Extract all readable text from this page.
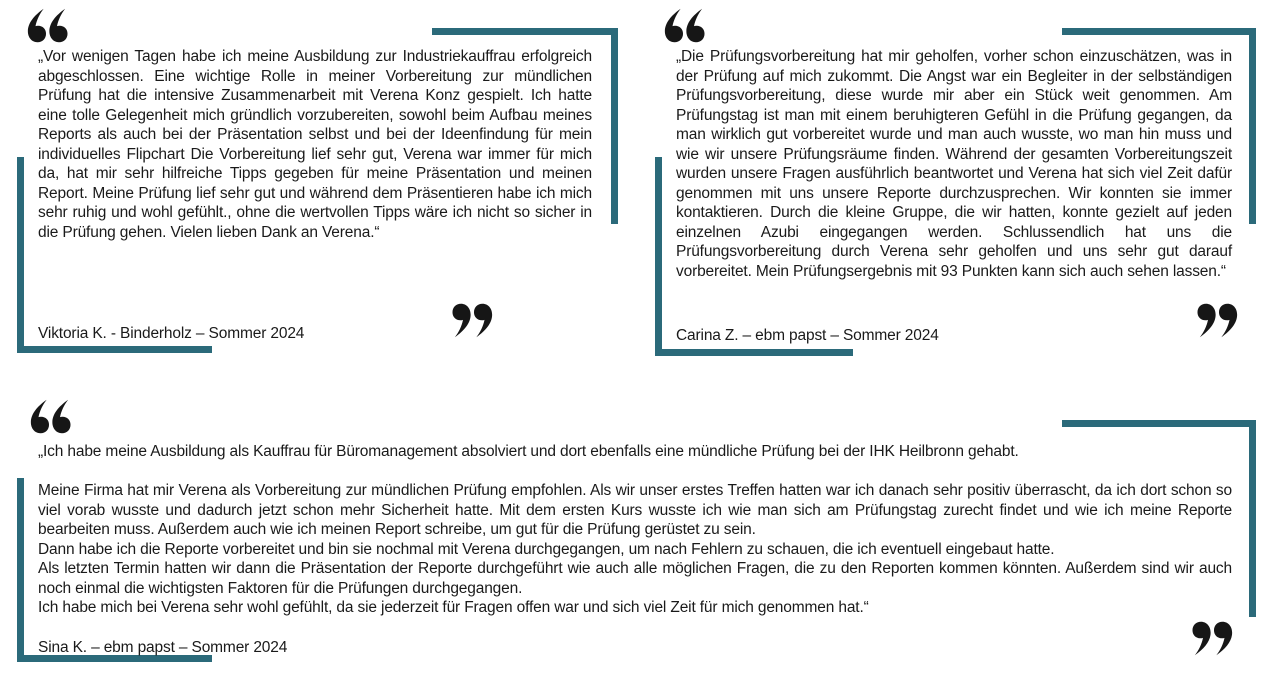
„Vor wenigen Tagen habe ich meine Ausbildung zur Industriekauffrau erfolgreich abgeschlossen. Eine wichtige Rolle in meiner Vorbereitung zur mündlichen Prüfung hat die intensive Zusammenarbeit mit Verena Konz gespielt. Ich hatte eine tolle Gelegenheit mich gründlich vorzubereiten, sowohl beim Aufbau meines Reports als auch bei der Präsentation selbst und bei der Ideenfindung für mein individuelles Flipchart Die Vorbereitung lief sehr gut, Verena war immer für mich da, hat mir sehr hilfreiche Tipps gegeben für meine Präsentation und meinen Report. Meine Prüfung lief sehr gut und während dem Präsentieren habe ich mich sehr ruhig und wohl gefühlt., ohne die wertvollen Tipps wäre ich nicht so sicher in die Prüfung gehen. Vielen lieben Dank an Verena.“

Viktoria K. - Binderholz – Sommer 2024

„Die Prüfungsvorbereitung hat mir geholfen, vorher schon einzuschätzen, was in der Prüfung auf mich zukommt. Die Angst war ein Begleiter in der selbständigen Prüfungsvorbereitung, diese wurde mir aber ein Stück weit genommen. Am Prüfungstag ist man mit einem beruhigteren Gefühl in die Prüfung gegangen, da man wirklich gut vorbereitet wurde und man auch wusste, wo man hin muss und wie wir unsere Prüfungsräume finden. Während der gesamten Vorbereitungszeit wurden unsere Fragen ausführlich beantwortet und Verena hat sich viel Zeit dafür genommen mit uns unsere Reporte durchzusprechen. Wir konnten sie immer kontaktieren. Durch die kleine Gruppe, die wir hatten, konnte gezielt auf jeden einzelnen Azubi eingegangen werden. Schlussendlich hat uns die Prüfungsvorbereitung durch Verena sehr geholfen und uns sehr gut darauf vorbereitet. Mein Prüfungsergebnis mit 93 Punkten kann sich auch sehen lassen.“

Carina Z. – ebm papst – Sommer 2024

„Ich habe meine Ausbildung als Kauffrau für Büromanagement absolviert und dort ebenfalls eine mündliche Prüfung bei der IHK Heilbronn gehabt.

Meine Firma hat mir Verena als Vorbereitung zur mündlichen Prüfung empfohlen. Als wir unser erstes Treffen hatten war ich danach sehr positiv überrascht, da ich dort schon so viel vorab wusste und dadurch jetzt schon mehr Sicherheit hatte. Mit dem ersten Kurs wusste ich wie man sich am Prüfungstag zurecht findet und wie ich meine Reporte bearbeiten muss. Außerdem auch wie ich meinen Report schreibe, um gut für die Prüfung gerüstet zu sein.

Dann habe ich die Reporte vorbereitet und bin sie nochmal mit Verena durchgegangen, um nach Fehlern zu schauen, die ich eventuell eingebaut hatte.

Als letzten Termin hatten wir dann die Präsentation der Reporte durchgeführt wie auch alle möglichen Fragen, die zu den Reporten kommen könnten. Außerdem sind wir auch noch einmal die wichtigsten Faktoren für die Prüfungen durchgegangen.

Ich habe mich bei Verena sehr wohl gefühlt, da sie jederzeit für Fragen offen war und sich viel Zeit für mich genommen hat.“

Sina K. – ebm papst – Sommer 2024
